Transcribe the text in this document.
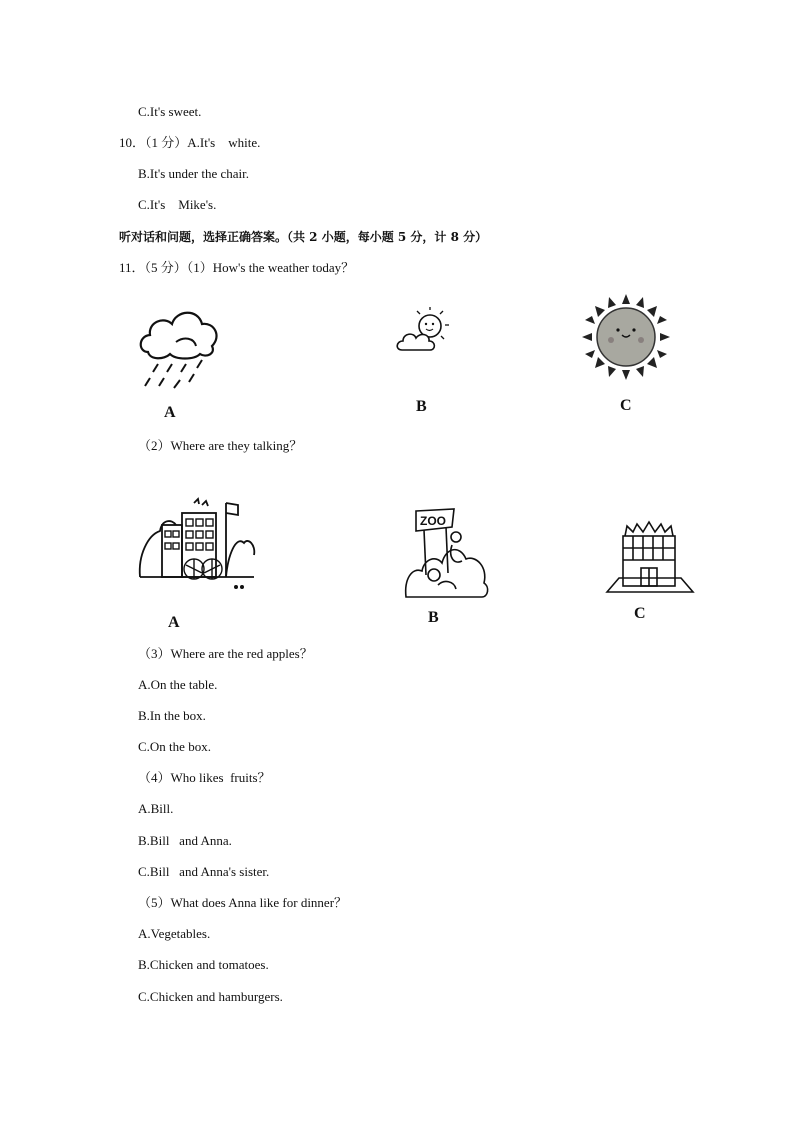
C.It's sweet.
10．（1 分）A.It's    white.
B.It's under the chair.
C.It's    Mike's.
听对话和问题，选择正确答案。（共 2 小题，每小题 5 分，计 8 分）
11．（5 分）（1）How's the weather today？
A	B	C
（2）Where are they talking？
A
ZOO
B	C
（3）Where are the red apples？
A.On the table.
B.In the box.
C.On the box.
（4）Who likes  fruits？
A.Bill.
B.Bill   and Anna.
C.Bill   and Anna's sister.
（5）What does Anna like for dinner？
A.Vegetables.
B.Chicken and tomatoes.
C.Chicken and hamburgers.
